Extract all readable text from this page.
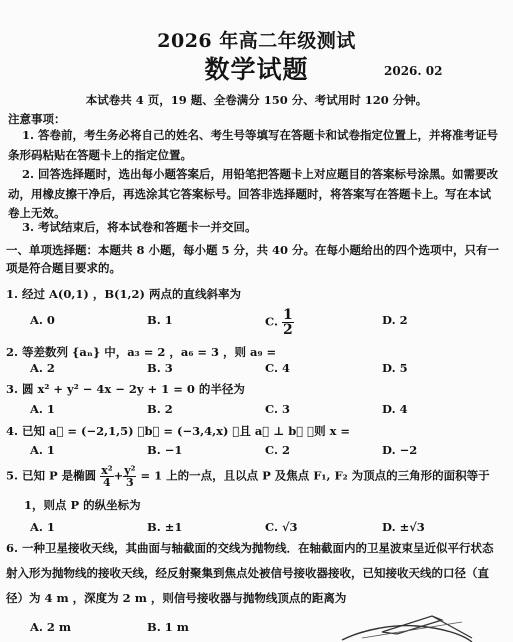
2026 年高二年级测试
数学试题	2026. 02
本试卷共 4 页，19 题、全卷满分 150 分、考试用时 120 分钟。
注意事项：
1. 答卷前，考生务必将自己的姓名、考生号等填写在答题卡和试卷指定位置上，并将准考证号条形码粘贴在答题卡上的指定位置。
2. 回答选择题时，选出每小题答案后，用铅笔把答题卡上对应题目的答案标号涂黑。如需要改动，用橡皮擦干净后，再选涂其它答案标号。回答非选择题时，将答案写在答题卡上。写在本试卷上无效。
3. 考试结束后，将本试卷和答题卡一并交回。
一、单项选择题：本题共 8 小题，每小题 5 分，共 40 分。在每小题给出的四个选项中，只有一项是符合题目要求的。
1. 经过 A(0,1) ，B(1,2) 两点的直线斜率为
A. 0	B. 1	C. $\frac{1}{2}$	D. 2
2. 等差数列 {aₙ} 中，a₃ = 2 ，a₆ = 3 ，则 a₉ =
A. 2	B. 3	C. 4	D. 5
3. 圆 x² + y² − 4x − 2y + 1 = 0 的半径为
A. 1	B. 2	C. 3	D. 4
4. 已知 a⃗ = (−2,1,5) ，b⃗ = (−3,4,x) ，且 a⃗ ⊥ b⃗ ，则 x =
A. 1	B. −1	C. 2	D. −2
5. 已知 P 是椭圆 $\frac{\text{x²}}{4} + \frac{\text{y²}}{3} = 1$ 上的一点，且以点 P 及焦点 F₁, F₂ 为顶点的三角形的面积等于
1，则点 P 的纵坐标为
A. 1	B. ±1	C. √3	D. ±√3
6. 一种卫星接收天线，其曲面与轴截面的交线为抛物线．在轴截面内的卫星波束呈近似平行状态射入形为抛物线的接收天线，经反射聚集到焦点处被信号接收器接收，已知接收天线的口径（直径）为 4 m ，深度为 2 m ，则信号接收器与抛物线顶点的距离为
A. 2 m	B. 1 m
